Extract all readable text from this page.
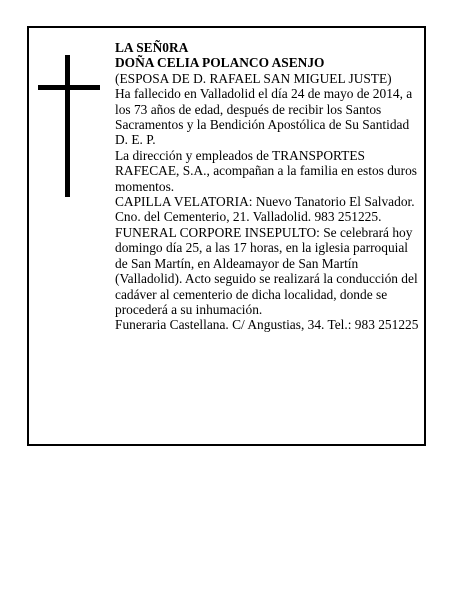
LA SEÑ0RA

DOÑA CELIA POLANCO ASENJO

(ESPOSA DE D. RAFAEL SAN MIGUEL JUSTE)

Ha fallecido en Valladolid el día 24 de mayo de 2014, a los 73 años de edad, después de recibir los Santos Sacramentos y la Bendición Apostólica de Su Santidad D. E. P.

La dirección y empleados de TRANSPORTES RAFECAE, S.A., acompañan a la familia en estos duros momentos.

CAPILLA VELATORIA: Nuevo Tanatorio El Salvador. Cno. del Cementerio, 21. Valladolid. 983 251225.

FUNERAL CORPORE INSEPULTO: Se celebrará hoy domingo día 25, a las 17 horas, en la iglesia parroquial de San Martín, en Aldeamayor de San Martín (Valladolid). Acto seguido se realizará la conducción del cadáver al cementerio de dicha localidad, donde se procederá a su inhumación.

Funeraria Castellana. C/ Angustias, 34. Tel.: 983 251225
